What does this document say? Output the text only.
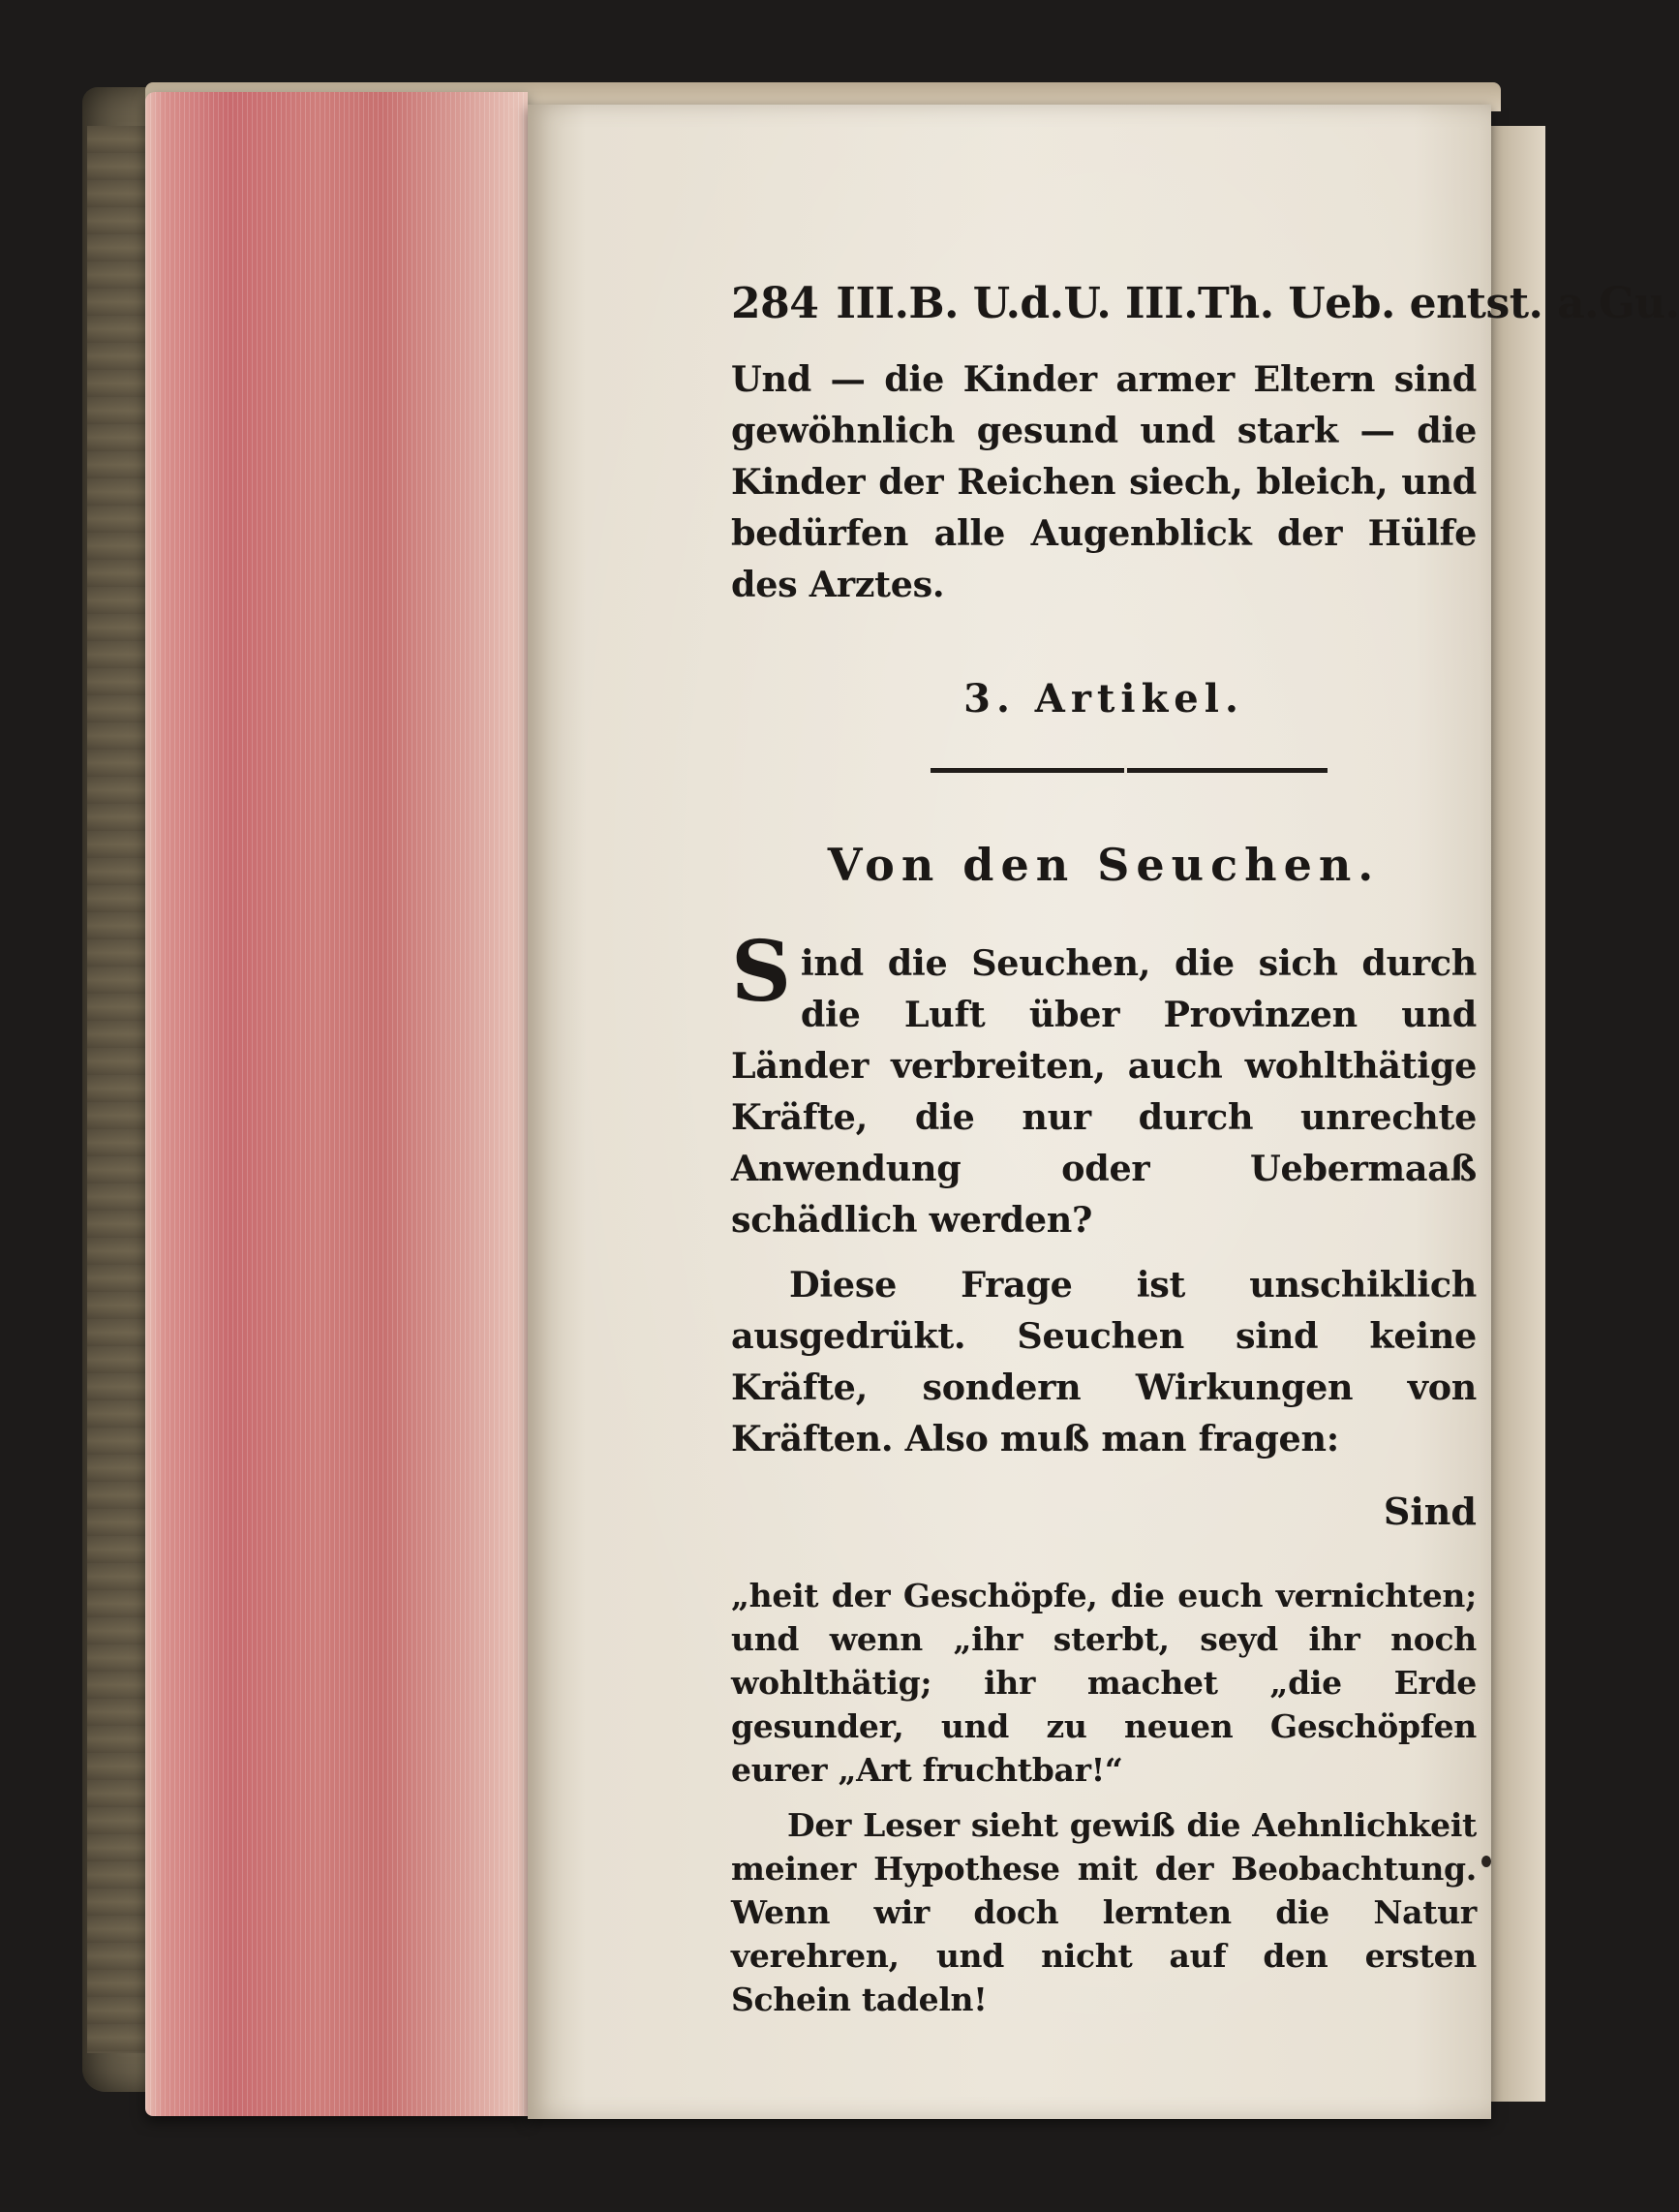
284 III.B. U.d.U. III.Th. Ueb. entst. a.Gu.

Und — die Kinder armer Eltern sind gewöhnlich gesund und stark — die Kinder der Reichen siech, bleich, und bedürfen alle Augenblick der Hülfe des Arztes.

3. Artikel.
Von den Seuchen.

Sind die Seuchen, die sich durch die Luft über Provinzen und Länder verbreiten, auch wohlthätige Kräfte, die nur durch unrechte Anwendung oder Uebermaaß schädlich werden?

Diese Frage ist unschiklich ausgedrükt. Seuchen sind keine Kräfte, sondern Wirkungen von Kräften. Also muß man fragen:

Sind

„heit der Geschöpfe, die euch vernichten; und wenn „ihr sterbt, seyd ihr noch wohlthätig; ihr machet „die Erde gesunder, und zu neuen Geschöpfen eurer „Art fruchtbar!“

Der Leser sieht gewiß die Aehnlichkeit meiner Hypothese mit der Beobachtung. Wenn wir doch lernten die Natur verehren, und nicht auf den ersten Schein tadeln!
